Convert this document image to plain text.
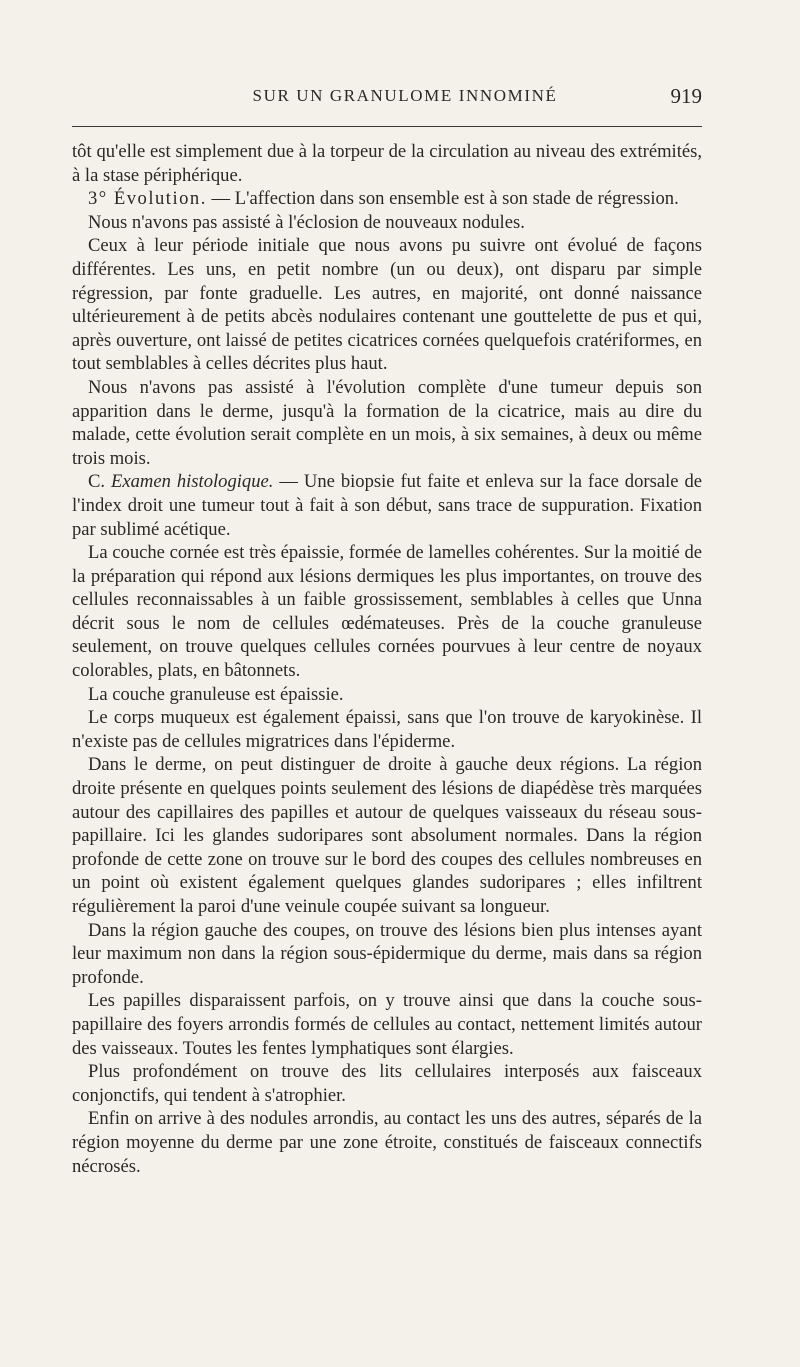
SUR UN GRANULOME INNOMINÉ	919

tôt qu'elle est simplement due à la torpeur de la circulation au niveau des extrémités, à la stase périphérique.

3° Évolution. — L'affection dans son ensemble est à son stade de régression.

Nous n'avons pas assisté à l'éclosion de nouveaux nodules.

Ceux à leur période initiale que nous avons pu suivre ont évolué de façons différentes. Les uns, en petit nombre (un ou deux), ont disparu par simple régression, par fonte graduelle. Les autres, en majorité, ont donné naissance ultérieurement à de petits abcès nodulaires contenant une gouttelette de pus et qui, après ouverture, ont laissé de petites cicatrices cornées quelquefois cratériformes, en tout semblables à celles décrites plus haut.

Nous n'avons pas assisté à l'évolution complète d'une tumeur depuis son apparition dans le derme, jusqu'à la formation de la cicatrice, mais au dire du malade, cette évolution serait complète en un mois, à six semaines, à deux ou même trois mois.

C. Examen histologique. — Une biopsie fut faite et enleva sur la face dorsale de l'index droit une tumeur tout à fait à son début, sans trace de suppuration. Fixation par sublimé acétique.

La couche cornée est très épaissie, formée de lamelles cohérentes. Sur la moitié de la préparation qui répond aux lésions dermiques les plus importantes, on trouve des cellules reconnaissables à un faible grossissement, semblables à celles que Unna décrit sous le nom de cellules œdémateuses. Près de la couche granuleuse seulement, on trouve quelques cellules cornées pourvues à leur centre de noyaux colorables, plats, en bâtonnets.

La couche granuleuse est épaissie.

Le corps muqueux est également épaissi, sans que l'on trouve de karyokinèse. Il n'existe pas de cellules migratrices dans l'épiderme.

Dans le derme, on peut distinguer de droite à gauche deux régions. La région droite présente en quelques points seulement des lésions de diapédèse très marquées autour des capillaires des papilles et autour de quelques vaisseaux du réseau sous-papillaire. Ici les glandes sudoripares sont absolument normales. Dans la région profonde de cette zone on trouve sur le bord des coupes des cellules nombreuses en un point où existent également quelques glandes sudoripares ; elles infiltrent régulièrement la paroi d'une veinule coupée suivant sa longueur.

Dans la région gauche des coupes, on trouve des lésions bien plus intenses ayant leur maximum non dans la région sous-épidermique du derme, mais dans sa région profonde.

Les papilles disparaissent parfois, on y trouve ainsi que dans la couche sous-papillaire des foyers arrondis formés de cellules au contact, nettement limités autour des vaisseaux. Toutes les fentes lymphatiques sont élargies.

Plus profondément on trouve des lits cellulaires interposés aux faisceaux conjonctifs, qui tendent à s'atrophier.

Enfin on arrive à des nodules arrondis, au contact les uns des autres, séparés de la région moyenne du derme par une zone étroite, constitués de faisceaux connectifs nécrosés.
